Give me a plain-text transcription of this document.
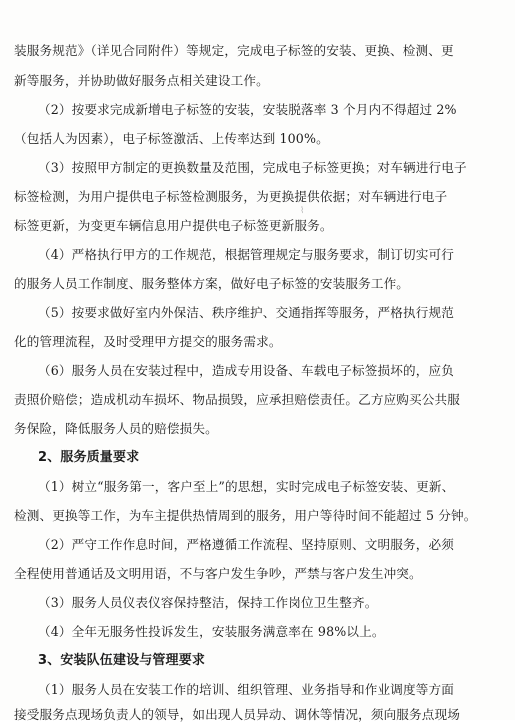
装服务规范》（详见合同附件）等规定，完成电子标签的安装、更换、检测、更
新等服务，并协助做好服务点相关建设工作。
（2）按要求完成新增电子标签的安装，安装脱落率 3 个月内不得超过 2%
（包括人为因素），电子标签激活、上传率达到 100%。
（3）按照甲方制定的更换数量及范围，完成电子标签更换；对车辆进行电子
标签检测，为用户提供电子标签检测服务，为更换提供依据；对车辆进行电子
标签更新，为变更车辆信息用户提供电子标签更新服务。
（4）严格执行甲方的工作规范，根据管理规定与服务要求，制订切实可行
的服务人员工作制度、服务整体方案，做好电子标签的安装服务工作。
（5）按要求做好室内外保洁、秩序维护、交通指挥等服务，严格执行规范
化的管理流程，及时受理甲方提交的服务需求。
（6）服务人员在安装过程中，造成专用设备、车载电子标签损坏的，应负
责照价赔偿；造成机动车损坏、物品损毁，应承担赔偿责任。乙方应购买公共服
务保险，降低服务人员的赔偿损失。
2、服务质量要求
（1）树立“服务第一，客户至上”的思想，实时完成电子标签安装、更新、
检测、更换等工作，为车主提供热情周到的服务，用户等待时间不能超过 5 分钟。
（2）严守工作作息时间，严格遵循工作流程、坚持原则、文明服务，必须
全程使用普通话及文明用语，不与客户发生争吵，严禁与客户发生冲突。
（3）服务人员仪表仪容保持整洁，保持工作岗位卫生整齐。
（4）全年无服务性投诉发生，安装服务满意率在 98%以上。
3、安装队伍建设与管理要求
（1）服务人员在安装工作的培训、组织管理、业务指导和作业调度等方面
接受服务点现场负责人的领导，如出现人员异动、调休等情况，须向服务点现场
⌇
